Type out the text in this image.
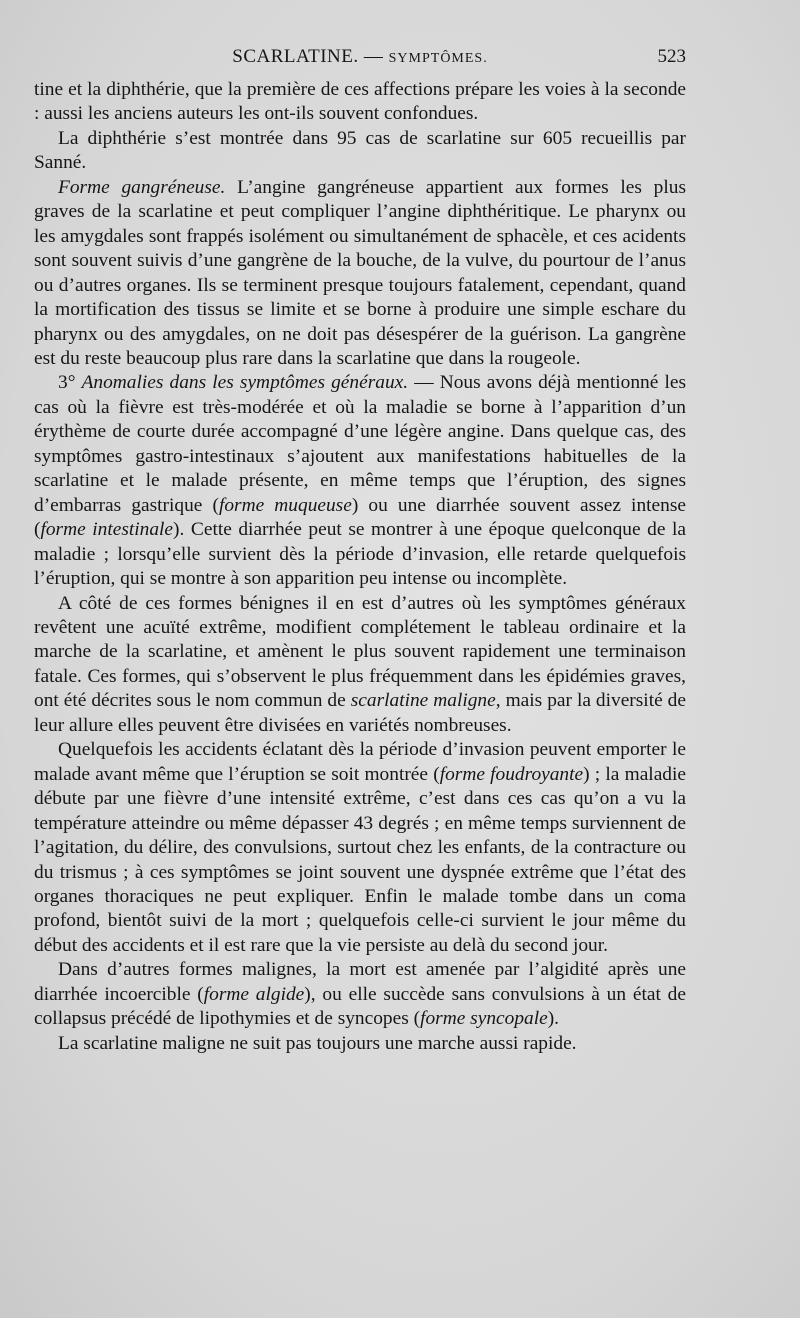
SCARLATINE. — SYMPTÔMES.	523

tine et la diphthérie, que la première de ces affections prépare les voies à la seconde : aussi les anciens auteurs les ont-ils souvent confondues.

La diphthérie s’est montrée dans 95 cas de scarlatine sur 605 recueillis par Sanné.

Forme gangréneuse. L’angine gangréneuse appartient aux formes les plus graves de la scarlatine et peut compliquer l’angine diphthéritique. Le pharynx ou les amygdales sont frappés isolément ou simultanément de sphacèle, et ces acidents sont souvent suivis d’une gangrène de la bouche, de la vulve, du pourtour de l’anus ou d’autres organes. Ils se terminent presque toujours fatalement, cependant, quand la mortification des tissus se limite et se borne à produire une simple eschare du pharynx ou des amygdales, on ne doit pas désespérer de la guérison. La gangrène est du reste beaucoup plus rare dans la scarlatine que dans la rougeole.

3° Anomalies dans les symptômes généraux. — Nous avons déjà mentionné les cas où la fièvre est très-modérée et où la maladie se borne à l’apparition d’un érythème de courte durée accompagné d’une légère angine. Dans quelque cas, des symptômes gastro-intestinaux s’ajoutent aux manifestations habituelles de la scarlatine et le malade présente, en même temps que l’éruption, des signes d’embarras gastrique (forme muqueuse) ou une diarrhée souvent assez intense (forme intestinale). Cette diarrhée peut se montrer à une époque quelconque de la maladie ; lorsqu’elle survient dès la période d’invasion, elle retarde quelquefois l’éruption, qui se montre à son apparition peu intense ou incomplète.

A côté de ces formes bénignes il en est d’autres où les symptômes généraux revêtent une acuïté extrême, modifient complétement le tableau ordinaire et la marche de la scarlatine, et amènent le plus souvent rapidement une terminaison fatale. Ces formes, qui s’observent le plus fréquemment dans les épidémies graves, ont été décrites sous le nom commun de scarlatine maligne, mais par la diversité de leur allure elles peuvent être divisées en variétés nombreuses.

Quelquefois les accidents éclatant dès la période d’invasion peuvent emporter le malade avant même que l’éruption se soit montrée (forme foudroyante) ; la maladie débute par une fièvre d’une intensité extrême, c’est dans ces cas qu’on a vu la température atteindre ou même dépasser 43 degrés ; en même temps surviennent de l’agitation, du délire, des convulsions, surtout chez les enfants, de la contracture ou du trismus ; à ces symptômes se joint souvent une dyspnée extrême que l’état des organes thoraciques ne peut expliquer. Enfin le malade tombe dans un coma profond, bientôt suivi de la mort ; quelquefois celle-ci survient le jour même du début des accidents et il est rare que la vie persiste au delà du second jour.

Dans d’autres formes malignes, la mort est amenée par l’algidité après une diarrhée incoercible (forme algide), ou elle succède sans convulsions à un état de collapsus précédé de lipothymies et de syncopes (forme syncopale).

La scarlatine maligne ne suit pas toujours une marche aussi rapide.
